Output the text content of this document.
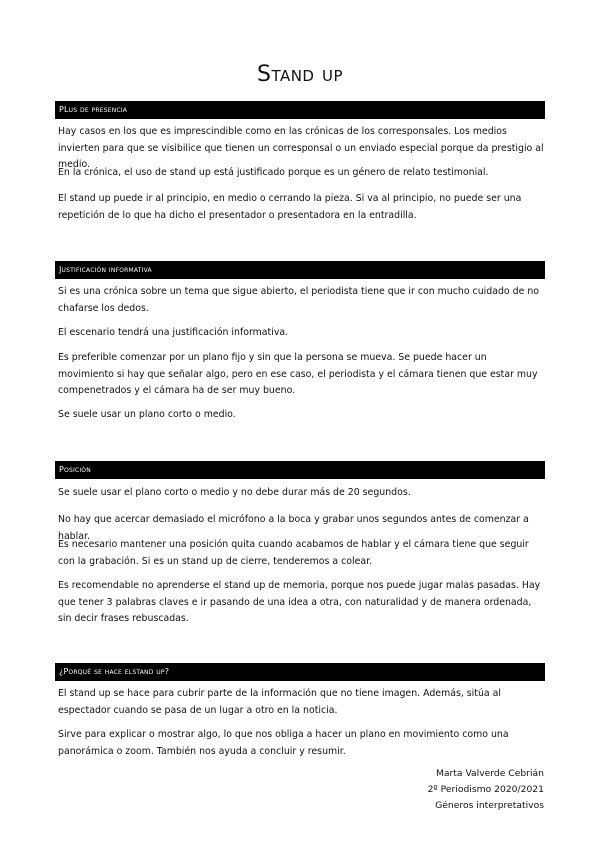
Stand up
PLus de presencia

Hay casos en los que es imprescindible como en las crónicas de los corresponsales. Los medios invierten para que se visibilice que tienen un corresponsal o un enviado especial porque da prestigio al medio.

En la crónica, el uso de stand up está justificado porque es un género de relato testimonial.

El stand up puede ir al principio, en medio o cerrando la pieza. Si va al principio, no puede ser una repetición de lo que ha dicho el presentador o presentadora en la entradilla.

Justificación informativa

Si es una crónica sobre un tema que sigue abierto, el periodista tiene que ir con mucho cuidado de no chafarse los dedos.

El escenario tendrá una justificación informativa.

Es preferible comenzar por un plano fijo y sin que la persona se mueva. Se puede hacer un movimiento si hay que señalar algo, pero en ese caso, el periodista y el cámara tienen que estar muy compenetrados y el cámara ha de ser muy bueno.

Se suele usar un plano corto o medio.

Posición

Se suele usar el plano corto o medio y no debe durar más de 20 segundos.

No hay que acercar demasiado el micrófono a la boca y grabar unos segundos antes de comenzar a hablar.

Es necesario mantener una posición quita cuando acabamos de hablar y el cámara tiene que seguir con la grabación. Si es un stand up de cierre, tenderemos a colear.

Es recomendable no aprenderse el stand up de memoria, porque nos puede jugar malas pasadas. Hay que tener 3 palabras claves e ir pasando de una idea a otra, con naturalidad y de manera ordenada, sin decir frases rebuscadas.

¿Porqué se hace elstand up?

El stand up se hace para cubrir parte de la información que no tiene imagen. Además, sitúa al espectador cuando se pasa de un lugar a otro en la noticia.

Sirve para explicar o mostrar algo, lo que nos obliga a hacer un plano en movimiento como una panorámica o zoom. También nos ayuda a concluir y resumir.

Marta Valverde Cebrián
2º Periodismo 2020/2021
Géneros interpretativos
